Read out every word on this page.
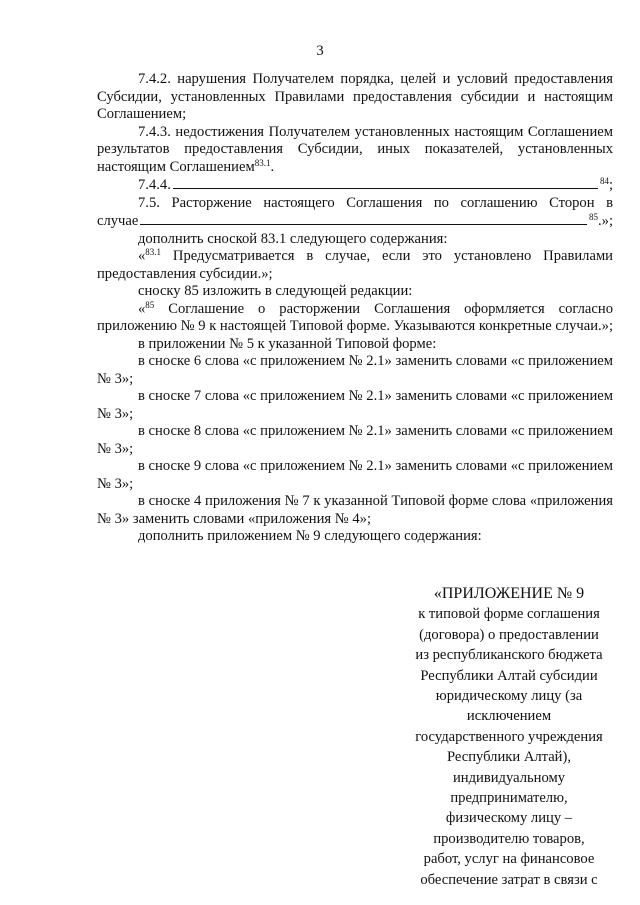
3

7.4.2. нарушения Получателем порядка, целей и условий предоставления Субсидии, установленных Правилами предоставления субсидии и настоящим Соглашением;

7.4.3. недостижения Получателем установленных настоящим Соглашением результатов предоставления Субсидии, иных показателей, установленных настоящим Соглашением$^{83.1}$.

7.4.4.	$^{84}$;

7.5. Расторжение настоящего Соглашения по соглашению Сторон в

случае	$^{85}$.»;

дополнить сноской 83.1 следующего содержания:

«$^{83.1}$ Предусматривается в случае, если это установлено Правилами предоставления субсидии.»;

сноску 85 изложить в следующей редакции:

«$^{85}$ Соглашение о расторжении Соглашения оформляется согласно приложению № 9 к настоящей Типовой форме. Указываются конкретные случаи.»;

в приложении № 5 к указанной Типовой форме:

в сноске 6 слова «с приложением № 2.1» заменить словами «с приложением № 3»;

в сноске 7 слова «с приложением № 2.1» заменить словами «с приложением № 3»;

в сноске 8 слова «с приложением № 2.1» заменить словами «с приложением № 3»;

в сноске 9 слова «с приложением № 2.1» заменить словами «с приложением № 3»;

в сноске 4 приложения № 7 к указанной Типовой форме слова «приложения № 3» заменить словами «приложения № 4»;

дополнить приложением № 9 следующего содержания:

«ПРИЛОЖЕНИЕ № 9
к типовой форме соглашения
(договора) о предоставлении
из республиканского бюджета
Республики Алтай субсидии
юридическому лицу (за
исключением
государственного учреждения
Республики Алтай),
индивидуальному
предпринимателю,
физическому лицу –
производителю товаров,
работ, услуг на финансовое
обеспечение затрат в связи с
